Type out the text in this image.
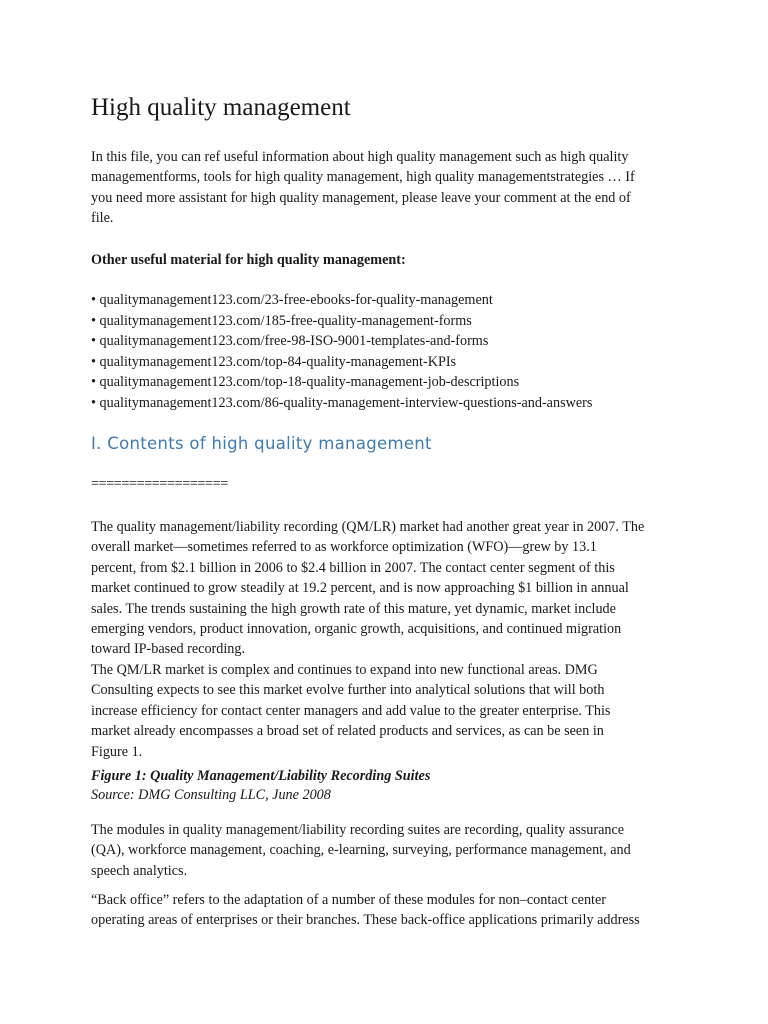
High quality management

In this file, you can ref useful information about high quality management such as high quality
managementforms, tools for high quality management, high quality managementstrategies … If
you need more assistant for high quality management, please leave your comment at the end of
file.

Other useful material for high quality management:

• qualitymanagement123.com/23-free-ebooks-for-quality-management
• qualitymanagement123.com/185-free-quality-management-forms
• qualitymanagement123.com/free-98-ISO-9001-templates-and-forms
• qualitymanagement123.com/top-84-quality-management-KPIs
• qualitymanagement123.com/top-18-quality-management-job-descriptions
• qualitymanagement123.com/86-quality-management-interview-questions-and-answers
I. Contents of high quality management

==================

The quality management/liability recording (QM/LR) market had another great year in 2007. The
overall market—sometimes referred to as workforce optimization (WFO)—grew by 13.1
percent, from $2.1 billion in 2006 to $2.4 billion in 2007. The contact center segment of this
market continued to grow steadily at 19.2 percent, and is now approaching $1 billion in annual
sales. The trends sustaining the high growth rate of this mature, yet dynamic, market include
emerging vendors, product innovation, organic growth, acquisitions, and continued migration
toward IP-based recording.

The QM/LR market is complex and continues to expand into new functional areas. DMG
Consulting expects to see this market evolve further into analytical solutions that will both
increase efficiency for contact center managers and add value to the greater enterprise. This
market already encompasses a broad set of related products and services, as can be seen in
Figure 1.

Figure 1: Quality Management/Liability Recording Suites

Source: DMG Consulting LLC, June 2008

The modules in quality management/liability recording suites are recording, quality assurance
(QA), workforce management, coaching, e-learning, surveying, performance management, and
speech analytics.

“Back office” refers to the adaptation of a number of these modules for non–contact center
operating areas of enterprises or their branches. These back-office applications primarily address
